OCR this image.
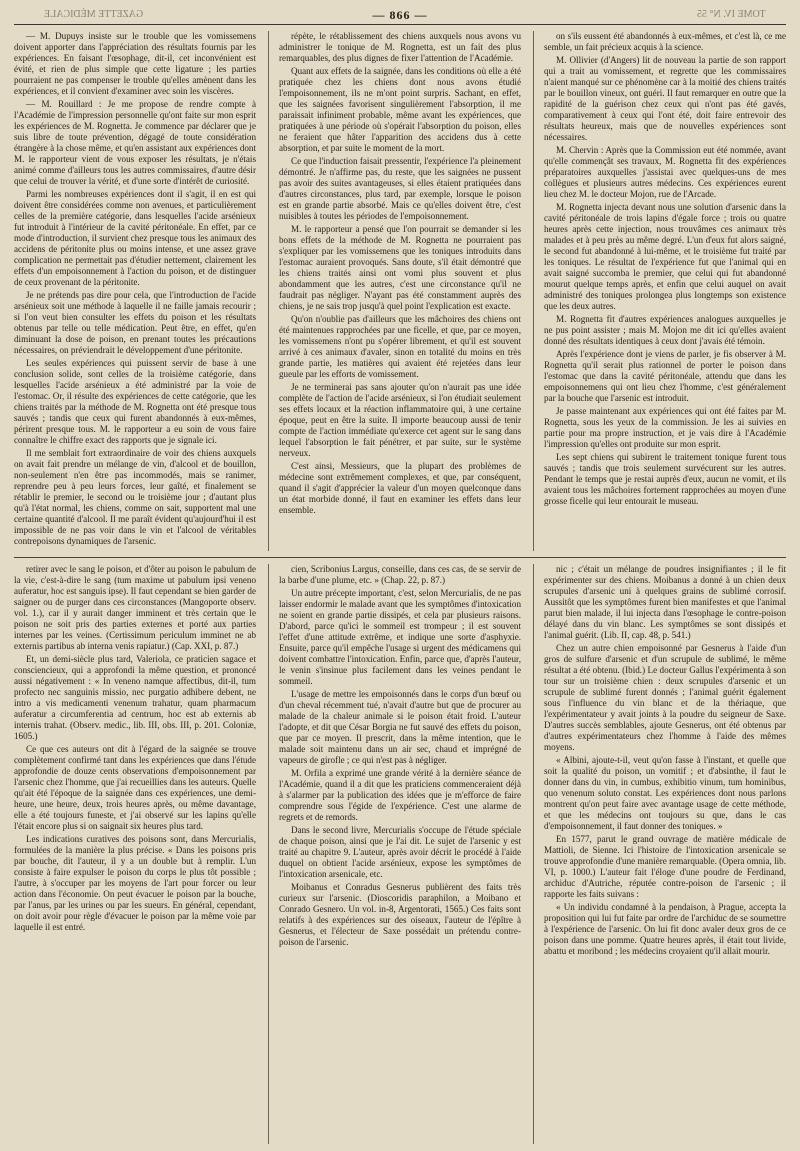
GAZETTE MÉDICALE	— 866 —	TOME IV. N° 55

— M. Dupuys insiste sur le trouble que les vomissemens doivent apporter dans l'appréciation des résultats fournis par les expériences. En faisant l'œsophage, dit-il, cet inconvénient est évité, et rien de plus simple que cette ligature ; les parties pourraient ne pas compenser le trouble qu'elles amènent dans les expériences, et il convient d'examiner avec soin les viscères.

— M. Rouillard : Je me propose de rendre compte à l'Académie de l'impression personnelle qu'ont faite sur mon esprit les expériences de M. Rognetta. Je commence par déclarer que je suis libre de toute prévention, dégagé de toute considération étrangère à la chose même, et qu'en assistant aux expériences dont M. le rapporteur vient de vous exposer les résultats, je n'étais animé comme d'ailleurs tous les autres commissaires, d'autre désir que celui de trouver la vérité, et d'une sorte d'intérêt de curiosité.

Parmi les nombreuses expériences dont il s'agit, il en est qui doivent être considérées comme non avenues, et particulièrement celles de la première catégorie, dans lesquelles l'acide arsénieux fut introduit à l'intérieur de la cavité péritonéale. En effet, par ce mode d'introduction, il survient chez presque tous les animaux des accidens de péritonite plus ou moins intense, et une assez grave complication ne permettait pas d'étudier nettement, clairement les effets d'un empoisonnement à l'action du poison, et de distinguer de ceux provenant de la péritonite.

Je ne prétends pas dire pour cela, que l'introduction de l'acide arsénieux soit une méthode à laquelle il ne faille jamais recourir ; si l'on veut bien consulter les effets du poison et les résultats obtenus par telle ou telle médication. Peut être, en effet, qu'en diminuant la dose de poison, en prenant toutes les précautions nécessaires, on préviendrait le développement d'une péritonite.

Les seules expériences qui puissent servir de base à une conclusion solide, sont celles de la troisième catégorie, dans lesquelles l'acide arsénieux a été administré par la voie de l'estomac. Or, il résulte des expériences de cette catégorie, que les chiens traités par la méthode de M. Rognetta ont été presque tous sauvés ; tandis que ceux qui furent abandonnés à eux-mêmes, périrent presque tous. M. le rapporteur a eu soin de vous faire connaître le chiffre exact des rapports que je signale ici.

Il me semblait fort extraordinaire de voir des chiens auxquels on avait fait prendre un mélange de vin, d'alcool et de bouillon, non-seulement n'en être pas incommodés, mais se ranimer, reprendre peu à peu leurs forces, leur gaîté, et finalement se rétablir le premier, le second ou le troisième jour ; d'autant plus qu'à l'état normal, les chiens, comme on sait, supportent mal une certaine quantité d'alcool. Il me paraît évident qu'aujourd'hui il est impossible de ne pas voir dans le vin et l'alcool de véritables contrepoisons dynamiques de l'arsenic.

répète, le rétablissement des chiens auxquels nous avons vu administrer le tonique de M. Rognetta, est un fait des plus remarquables, des plus dignes de fixer l'attention de l'Académie.

Quant aux effets de la saignée, dans les conditions où elle a été pratiquée chez les chiens dont nous avons étudié l'empoisonnement, ils ne m'ont point surpris. Sachant, en effet, que les saignées favorisent singulièrement l'absorption, il me paraissait infiniment probable, même avant les expériences, que pratiquées à une période où s'opérait l'absorption du poison, elles ne feraient que hâter l'apparition des accidens dus à cette absorption, et par suite le moment de la mort.

Ce que l'induction faisait pressentir, l'expérience l'a pleinement démontré. Je n'affirme pas, du reste, que les saignées ne pussent pas avoir des suites avantageuses, si elles étaient pratiquées dans d'autres circonstances, plus tard, par exemple, lorsque le poison est en grande partie absorbé. Mais ce qu'elles doivent être, c'est nuisibles à toutes les périodes de l'empoisonnement.

M. le rapporteur a pensé que l'on pourrait se demander si les bons effets de la méthode de M. Rognetta ne pourraient pas s'expliquer par les vomissemens que les toniques introduits dans l'estomac auraient provoqués. Sans doute, s'il était démontré que les chiens traités ainsi ont vomi plus souvent et plus abondamment que les autres, c'est une circonstance qu'il ne faudrait pas négliger. N'ayant pas été constamment auprès des chiens, je ne sais trop jusqu'à quel point l'explication est exacte.

Qu'on n'oublie pas d'ailleurs que les mâchoires des chiens ont été maintenues rapprochées par une ficelle, et que, par ce moyen, les vomissemens n'ont pu s'opérer librement, et qu'il est souvent arrivé à ces animaux d'avaler, sinon en totalité du moins en très grande partie, les matières qui avaient été rejetées dans leur gueule par les efforts de vomissement.

Je ne terminerai pas sans ajouter qu'on n'aurait pas une idée complète de l'action de l'acide arsénieux, si l'on étudiait seulement ses effets locaux et la réaction inflammatoire qui, à une certaine époque, peut en être la suite. Il importe beaucoup aussi de tenir compte de l'action immédiate qu'exerce cet agent sur le sang dans lequel l'absorption le fait pénétrer, et par suite, sur le système nerveux.

C'est ainsi, Messieurs, que la plupart des problèmes de médecine sont extrêmement complexes, et que, par conséquent, quand il s'agit d'apprécier la valeur d'un moyen quelconque dans un état morbide donné, il faut en examiner les effets dans leur ensemble.

on s'ils eussent été abandonnés à eux-mêmes, et c'est là, ce me semble, un fait précieux acquis à la science.

M. Ollivier (d'Angers) lit de nouveau la partie de son rapport qui a trait au vomissement, et regrette que les commissaires n'aient manqué sur ce phénomène car à la moitié des chiens traités par le bouillon vineux, ont guéri. Il faut remarquer en outre que la rapidité de la guérison chez ceux qui n'ont pas été gavés, comparativement à ceux qui l'ont été, doit faire entrevoir des résultats heureux, mais que de nouvelles expériences sont nécessaires.

M. Chervin : Après que la Commission eut été nommée, avant qu'elle commençât ses travaux, M. Rognetta fit des expériences préparatoires auxquelles j'assistai avec quelques-uns de mes collègues et plusieurs autres médecins. Ces expériences eurent lieu chez M. le docteur Mojon, rue de l'Arcade.

M. Rognetta injecta devant nous une solution d'arsenic dans la cavité péritonéale de trois lapins d'égale force ; trois ou quatre heures après cette injection, nous trouvâmes ces animaux très malades et à peu près au même degré. L'un d'eux fut alors saigné, le second fut abandonné à lui-même, et le troisième fut traité par les toniques. Le résultat de l'expérience fut que l'animal qui en avait saigné succomba le premier, que celui qui fut abandonné mourut quelque temps après, et enfin que celui auquel on avait administré des toniques prolongea plus longtemps son existence que les deux autres.

M. Rognetta fit d'autres expériences analogues auxquelles je ne pus point assister ; mais M. Mojon me dit ici qu'elles avaient donné des résultats identiques à ceux dont j'avais été témoin.

Après l'expérience dont je viens de parler, je fis observer à M. Rognetta qu'il serait plus rationnel de porter le poison dans l'estomac que dans la cavité péritonéale, attendu que dans les empoisonnemens qui ont lieu chez l'homme, c'est généralement par la bouche que l'arsenic est introduit.

Je passe maintenant aux expériences qui ont été faites par M. Rognetta, sous les yeux de la commission. Je les ai suivies en partie pour ma propre instruction, et je vais dire à l'Académie l'impression qu'elles ont produite sur mon esprit.

Les sept chiens qui subirent le traitement tonique furent tous sauvés ; tandis que trois seulement survécurent sur les autres. Pendant le temps que je restai auprès d'eux, aucun ne vomit, et ils avaient tous les mâchoires fortement rapprochées au moyen d'une grosse ficelle qui leur entourait le museau.

retirer avec le sang le poison, et d'ôter au poison le pabulum de la vie, c'est-à-dire le sang (tum maxime ut pabulum ipsi veneno auferatur, hoc est sanguis ipse). Il faut cependant se bien garder de saigner ou de purger dans ces circonstances (Mangoporte observ. vol. 1.), car il y aurait danger imminent et très certain que le poison ne soit pris des parties externes et porté aux parties internes par les veines. (Certissimum periculum imminet ne ab externis partibus ab interna venis rapiatur.) (Cap. XXI, p. 87.)

Et, un demi-siècle plus tard, Valeriola, ce praticien sagace et consciencieux, qui a approfondi la même question, et prononcé aussi négativement : « In veneno namque affectibus, dit-il, tum profecto nec sanguinis missio, nec purgatio adhibere debent, ne intro a vis medicamenti venenum trahatur, quam pharmacum auferatur a circumferentia ad centrum, hoc est ab externis ab internis trahat. (Observ. medic., lib. III, obs. III, p. 201. Coloniæ, 1605.)

Ce que ces auteurs ont dit à l'égard de la saignée se trouve complètement confirmé tant dans les expériences que dans l'étude approfondie de douze cents observations d'empoisonnement par l'arsenic chez l'homme, que j'ai recueillies dans les auteurs. Quelle qu'ait été l'époque de la saignée dans ces expériences, une demi-heure, une heure, deux, trois heures après, ou même davantage, elle a été toujours funeste, et j'ai observé sur les lapins qu'elle l'était encore plus si on saignait six heures plus tard.

Les indications curatives des poisons sont, dans Mercurialis, formulées de la manière la plus précise. « Dans les poisons pris par bouche, dit l'auteur, il y a un double but à remplir. L'un consiste à faire expulser le poison du corps le plus tôt possible ; l'autre, à s'occuper par les moyens de l'art pour forcer ou leur action dans l'économie. On peut évacuer le poison par la bouche, par l'anus, par les urines ou par les sueurs. En général, cependant, on doit avoir pour règle d'évacuer le poison par la même voie par laquelle il est entré.

cien, Scribonius Largus, conseille, dans ces cas, de se servir de la barbe d'une plume, etc. » (Chap. 22, p. 87.)

Un autre précepte important, c'est, selon Mercurialis, de ne pas laisser endormir le malade avant que les symptômes d'intoxication ne soient en grande partie dissipés, et cela par plusieurs raisons. D'abord, parce qu'ici le sommeil est trompeur ; il est souvent l'effet d'une attitude extrême, et indique une sorte d'asphyxie. Ensuite, parce qu'il empêche l'usage si urgent des médicamens qui doivent combattre l'intoxication. Enfin, parce que, d'après l'auteur, le venin s'insinue plus facilement dans les veines pendant le sommeil.

L'usage de mettre les empoisonnés dans le corps d'un bœuf ou d'un cheval récemment tué, n'avait d'autre but que de procurer au malade de la chaleur animale si le poison était froid. L'auteur l'adopte, et dit que César Borgia ne fut sauvé des effets du poison, que par ce moyen. Il prescrit, dans la même intention, que le malade soit maintenu dans un air sec, chaud et imprégné de vapeurs de girofle ; ce qui n'est pas à négliger.

M. Orfila a exprimé une grande vérité à la dernière séance de l'Académie, quand il a dit que les praticiens commenceraient déjà à s'alarmer par la publication des idées que je m'efforce de faire comprendre sous l'égide de l'expérience. C'est une alarme de regrets et de remords.

Dans le second livre, Mercurialis s'occupe de l'étude spéciale de chaque poison, ainsi que je l'ai dit. Le sujet de l'arsenic y est traité au chapitre 9. L'auteur, après avoir décrit le procédé à l'aide duquel on obtient l'acide arsénieux, expose les symptômes de l'intoxication arsenicale, etc.

Moibanus et Conradus Gesnerus publièrent des faits très curieux sur l'arsenic. (Dioscoridis paraphilon, a Moibano et Conrado Gesnero. Un vol. in-8, Argentorati, 1565.) Ces faits sont relatifs à des expériences sur des oiseaux, l'auteur de l'épître à Gesnerus, et l'électeur de Saxe possédait un prétendu contre-poison de l'arsenic.

nic ; c'était un mélange de poudres insignifiantes ; il le fit expérimenter sur des chiens. Moibanus a donné à un chien deux scrupules d'arsenic uni à quelques grains de sublimé corrosif. Aussitôt que les symptômes furent bien manifestes et que l'animal parut bien malade, il lui injecta dans l'œsophage le contre-poison délayé dans du vin blanc. Les symptômes se sont dissipés et l'animal guérit. (Lib. II, cap. 48, p. 541.)

Chez un autre chien empoisonné par Gesnerus à l'aide d'un gros de sulfure d'arsenic et d'un scrupule de sublimé, le même résultat a été obtenu. (Ibid.) Le docteur Gallus l'expérimenta à son tour sur un troisième chien : deux scrupules d'arsenic et un scrupule de sublimé furent donnés ; l'animal guérit également sous l'influence du vin blanc et de la thériaque, que l'expérimentateur y avait joints à la poudre du seigneur de Saxe. D'autres succès semblables, ajoute Gesnerus, ont été obtenus par d'autres expérimentateurs chez l'homme à l'aide des mêmes moyens.

« Albini, ajoute-t-il, veut qu'on fasse à l'instant, et quelle que soit la qualité du poison, un vomitif ; et d'absinthe, il faut le donner dans du vin, in cumbus, exhibitio vinum, tum hominibus, quo venenum soluto constat. Les expériences dont nous parlons montrent qu'on peut faire avec avantage usage de cette méthode, et que les médecins ont toujours su que, dans le cas d'empoisonnement, il faut donner des toniques. »

En 1577, parut le grand ouvrage de matière médicale de Mattioli, de Sienne. Ici l'histoire de l'intoxication arsenicale se trouve approfondie d'une manière remarquable. (Opera omnia, lib. VI, p. 1000.) L'auteur fait l'éloge d'une poudre de Ferdinand, archiduc d'Autriche, réputée contre-poison de l'arsenic ; il rapporte les faits suivans :

« Un individu condamné à la pendaison, à Prague, accepta la proposition qui lui fut faite par ordre de l'archiduc de se soumettre à l'expérience de l'arsenic. On lui fit donc avaler deux gros de ce poison dans une pomme. Quatre heures après, il était tout livide, abattu et moribond ; les médecins croyaient qu'il allait mourir.
